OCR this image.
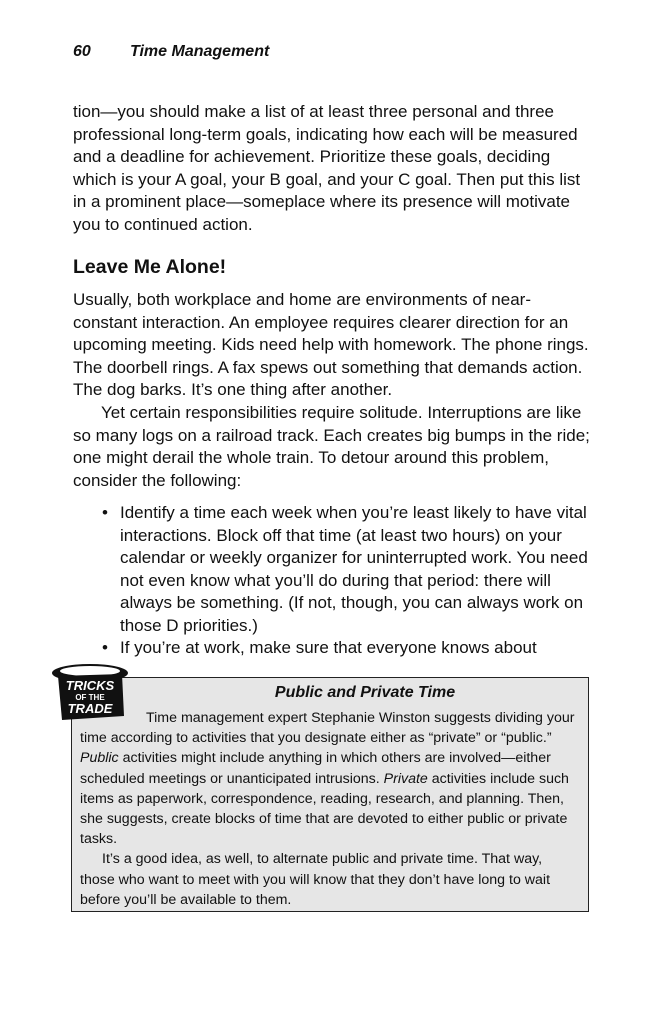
60 Time Management
tion—you should make a list of at least three personal and three professional long-term goals, indicating how each will be measured and a deadline for achievement. Prioritize these goals, deciding which is your A goal, your B goal, and your C goal. Then put this list in a prominent place—someplace where its presence will motivate you to continued action.
Leave Me Alone!
Usually, both workplace and home are environments of near-constant interaction. An employee requires clearer direction for an upcoming meeting. Kids need help with homework. The phone rings. The doorbell rings. A fax spews out something that demands action. The dog barks. It’s one thing after another.
Yet certain responsibilities require solitude. Interruptions are like so many logs on a railroad track. Each creates big bumps in the ride; one might derail the whole train. To detour around this problem, consider the following:
• Identify a time each week when you’re least likely to have vital interactions. Block off that time (at least two hours) on your calendar or weekly organizer for uninterrupted work. You need not even know what you’ll do during that period: there will always be something. (If not, though, you can always work on those D priorities.)
• If you’re at work, make sure that everyone knows about
Public and Private Time
Time management expert Stephanie Winston suggests dividing your time according to activities that you designate either as “private” or “public.” Public activities might include anything in which others are involved—either scheduled meetings or unanticipated intrusions. Private activities include such items as paperwork, correspondence, reading, research, and planning. Then, she suggests, create blocks of time that are devoted to either public or private tasks.
It’s a good idea, as well, to alternate public and private time. That way, those who want to meet with you will know that they don’t have long to wait before you’ll be available to them.
TRICKS
OF THE
TRADE
